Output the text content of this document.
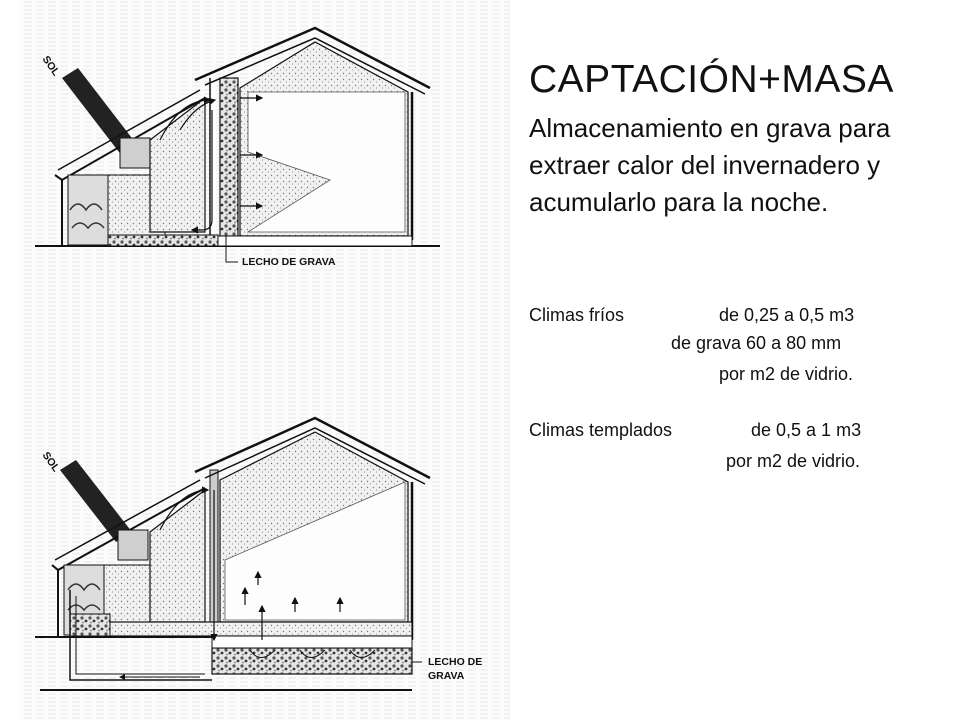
SOL
LECHO DE GRAVA
SOL
LECHO DE
GRAVA
CAPTACIÓN+MASA

Almacenamiento en grava para extraer calor del invernadero y acumularlo para la noche.

Climas fríos	de 0,25 a 0,5 m3
de grava 60 a 80 mm
por m2 de vidrio.
Climas templados	de 0,5 a 1 m3
por m2 de vidrio.
